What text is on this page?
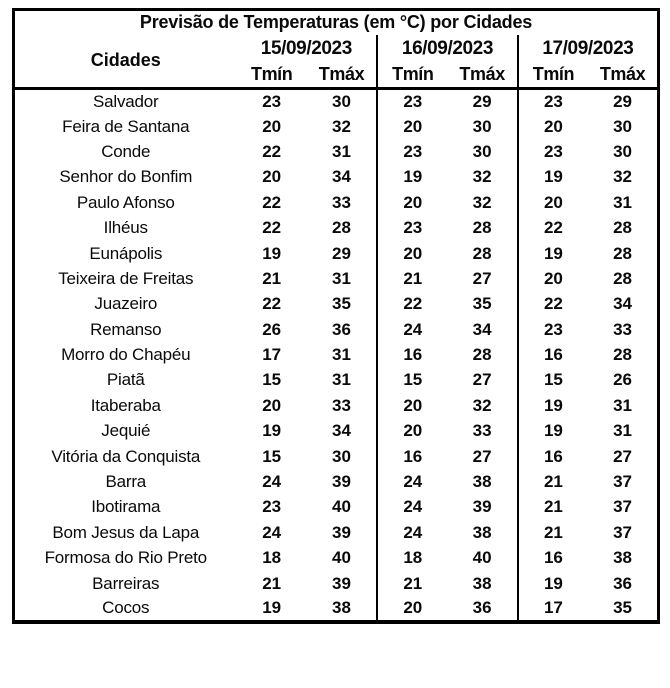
Previsão de Temperaturas (em °C) por Cidades						
Cidades	15/09/2023		16/09/2023		17/09/2023	
	Tmín	Tmáx	Tmín	Tmáx	Tmín	Tmáx
Salvador	23	30	23	29	23	29
Feira de Santana	20	32	20	30	20	30
Conde	22	31	23	30	23	30
Senhor do Bonfim	20	34	19	32	19	32
Paulo Afonso	22	33	20	32	20	31
Ilhéus	22	28	23	28	22	28
Eunápolis	19	29	20	28	19	28
Teixeira de Freitas	21	31	21	27	20	28
Juazeiro	22	35	22	35	22	34
Remanso	26	36	24	34	23	33
Morro do Chapéu	17	31	16	28	16	28
Piatã	15	31	15	27	15	26
Itaberaba	20	33	20	32	19	31
Jequié	19	34	20	33	19	31
Vitória da Conquista	15	30	16	27	16	27
Barra	24	39	24	38	21	37
Ibotirama	23	40	24	39	21	37
Bom Jesus da Lapa	24	39	24	38	21	37
Formosa do Rio Preto	18	40	18	40	16	38
Barreiras	21	39	21	38	19	36
Cocos	19	38	20	36	17	35
